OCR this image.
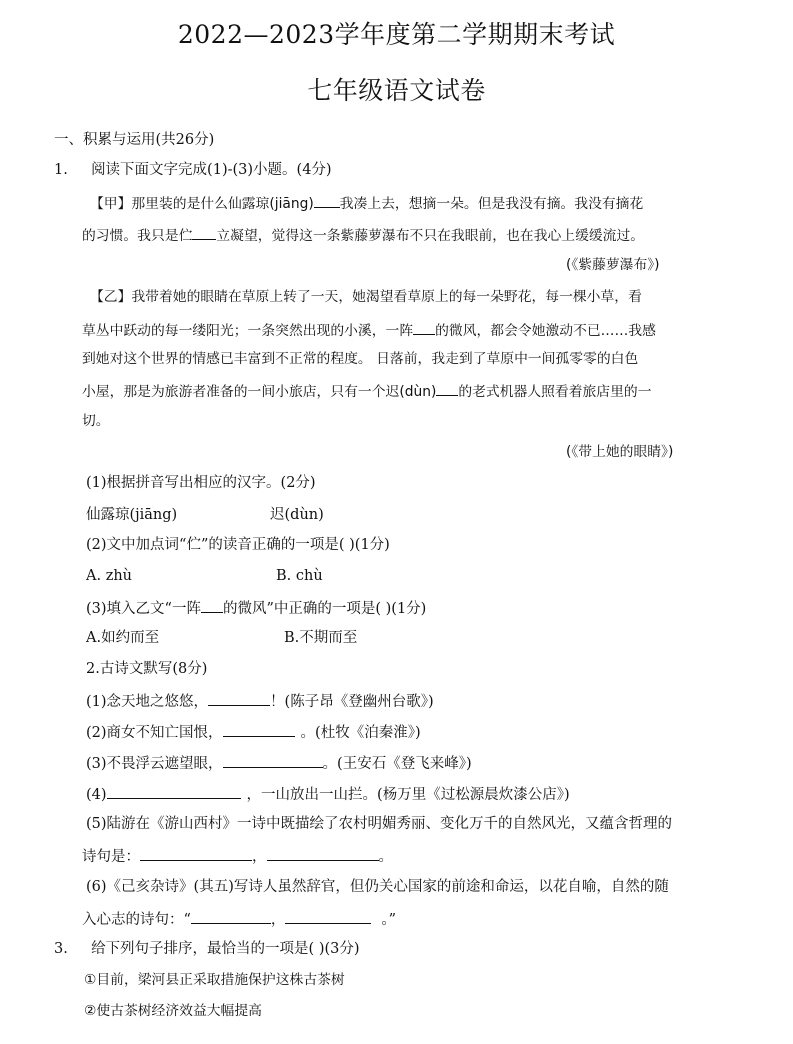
2022—2023学年度第二学期期末考试
七年级语文试卷
一、积累与运用(共26分)
1. 阅读下面文字完成(1)-(3)小题。(4分)
【甲】那里装的是什么仙露琼(jiāng) 我凑上去，想摘一朵。但是我没有摘。我没有摘花
的习惯。我只是伫 立凝望，觉得这一条紫藤萝瀑布不只在我眼前，也在我心上缓缓流过。
(《紫藤萝瀑布》)
【乙】我带着她的眼睛在草原上转了一天，她渴望看草原上的每一朵野花，每一棵小草，看
草丛中跃动的每一缕阳光；一条突然出现的小溪，一阵 的微风，都会令她激动不已……我感
到她对这个世界的情感已丰富到不正常的程度。 日落前，我走到了草原中一间孤零零的白色
小屋，那是为旅游者准备的一间小旅店，只有一个迟(dùn) 的老式机器人照看着旅店里的一
切。
(《带上她的眼睛》)
(1)根据拼音写出相应的汉字。(2分)
仙露琼(jiāng)	迟(dùn)
(2)文中加点词“伫”的读音正确的一项是( )(1分)
A. zhù	B. chù
(3)填入乙文“一阵 的微风”中正确的一项是( )(1分)
A.如约而至	B.不期而至
2.古诗文默写(8分)
(1)念天地之悠悠，	！(陈子昂《登幽州台歌》)
(2)商女不知亡国恨，	。(杜牧《泊秦淮》)
(3)不畏浮云遮望眼，	。(王安石《登飞来峰》)
(4)	，一山放出一山拦。(杨万里《过松源晨炊漆公店》)
(5)陆游在《游山西村》一诗中既描绘了农村明媚秀丽、变化万千的自然风光，又蕴含哲理的
诗句是：	，	。
(6)《己亥杂诗》(其五)写诗人虽然辞官，但仍关心国家的前途和命运，以花自喻，自然的随
入心志的诗句：“	，	。”
3. 给下列句子排序，最恰当的一项是( )(3分)
①目前，梁河县正采取措施保护这株古茶树
②使古茶树经济效益大幅提高
